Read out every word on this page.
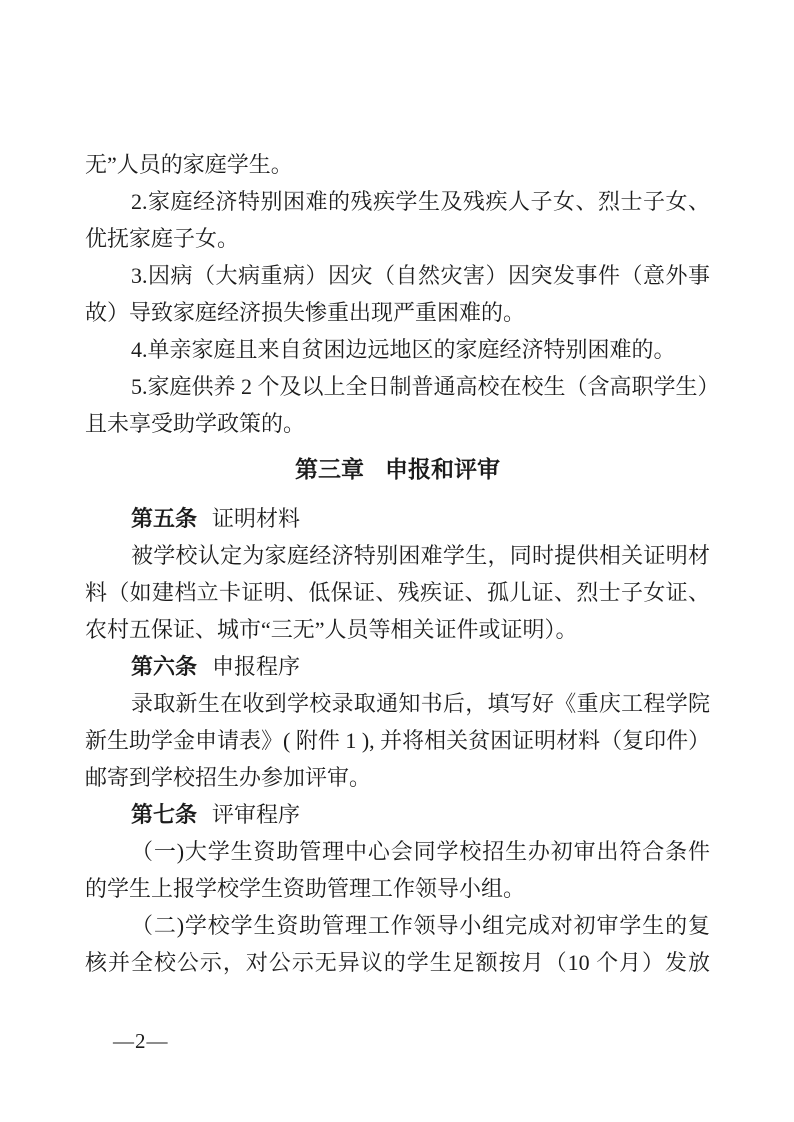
无”人员的家庭学生。
2.家庭经济特别困难的残疾学生及残疾人子女、烈士子女、
优抚家庭子女。
3.因病（大病重病）因灾（自然灾害）因突发事件（意外事
故）导致家庭经济损失惨重出现严重困难的。
4.单亲家庭且来自贫困边远地区的家庭经济特别困难的。
5.家庭供养 2 个及以上全日制普通高校在校生（含高职学生）
且未享受助学政策的。
第三章 申报和评审
第五条 证明材料
被学校认定为家庭经济特别困难学生，同时提供相关证明材
料（如建档立卡证明、低保证、残疾证、孤儿证、烈士子女证、
农村五保证、城市“三无”人员等相关证件或证明）。
第六条 申报程序
录取新生在收到学校录取通知书后，填写好《重庆工程学院
新生助学金申请表》( 附件 1 ), 并将相关贫困证明材料（复印件）
邮寄到学校招生办参加评审。
第七条 评审程序
（一)大学生资助管理中心会同学校招生办初审出符合条件
的学生上报学校学生资助管理工作领导小组。
（二)学校学生资助管理工作领导小组完成对初审学生的复
核并全校公示，对公示无异议的学生足额按月（10 个月）发放
—2—
